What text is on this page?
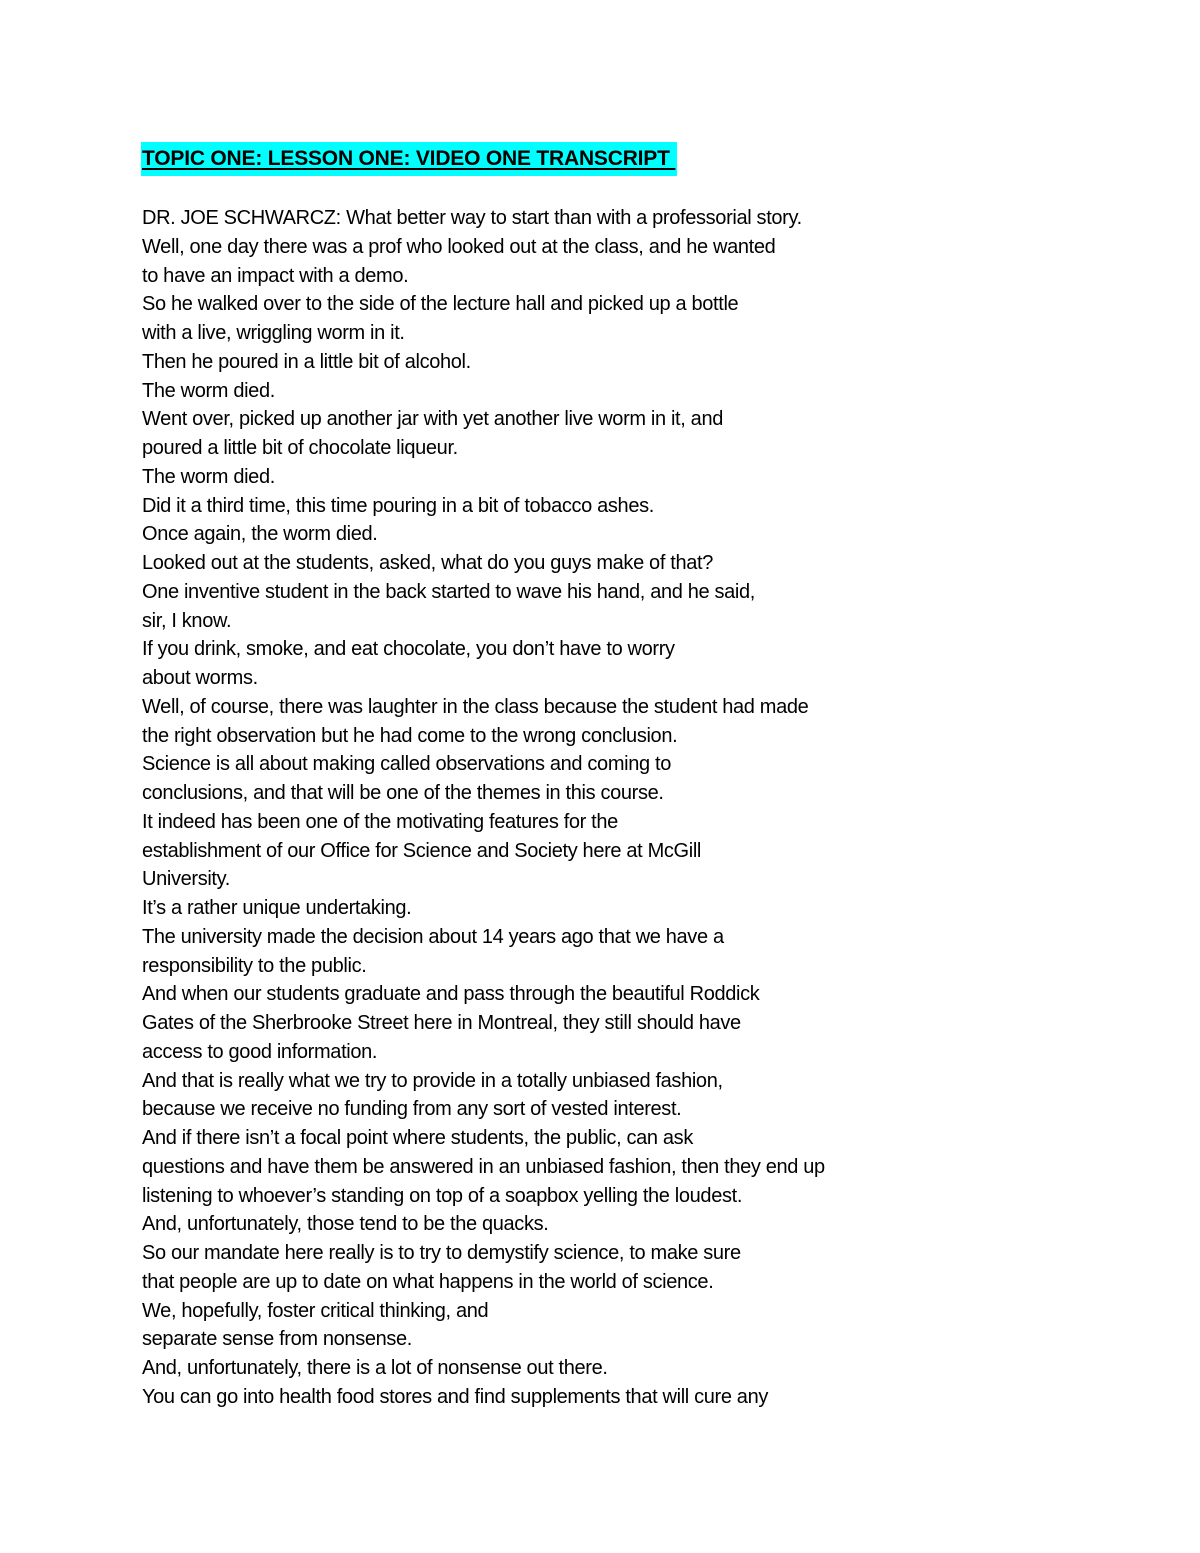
TOPIC ONE: LESSON ONE: VIDEO ONE TRANSCRIPT
DR. JOE SCHWARCZ: What better way to start than with a professorial story.
Well, one day there was a prof who looked out at the class, and he wanted
to have an impact with a demo.
So he walked over to the side of the lecture hall and picked up a bottle
with a live, wriggling worm in it.
Then he poured in a little bit of alcohol.
The worm died.
Went over, picked up another jar with yet another live worm in it, and
poured a little bit of chocolate liqueur.
The worm died.
Did it a third time, this time pouring in a bit of tobacco ashes.
Once again, the worm died.
Looked out at the students, asked, what do you guys make of that?
One inventive student in the back started to wave his hand, and he said,
sir, I know.
If you drink, smoke, and eat chocolate, you don’t have to worry
about worms.
Well, of course, there was laughter in the class because the student had made
the right observation but he had come to the wrong conclusion.
Science is all about making called observations and coming to
conclusions, and that will be one of the themes in this course.
It indeed has been one of the motivating features for the
establishment of our Office for Science and Society here at McGill
University.
It’s a rather unique undertaking.
The university made the decision about 14 years ago that we have a
responsibility to the public.
And when our students graduate and pass through the beautiful Roddick
Gates of the Sherbrooke Street here in Montreal, they still should have
access to good information.
And that is really what we try to provide in a totally unbiased fashion,
because we receive no funding from any sort of vested interest.
And if there isn’t a focal point where students, the public, can ask
questions and have them be answered in an unbiased fashion, then they end up
listening to whoever’s standing on top of a soapbox yelling the loudest.
And, unfortunately, those tend to be the quacks.
So our mandate here really is to try to demystify science, to make sure
that people are up to date on what happens in the world of science.
We, hopefully, foster critical thinking, and
separate sense from nonsense.
And, unfortunately, there is a lot of nonsense out there.
You can go into health food stores and find supplements that will cure any
